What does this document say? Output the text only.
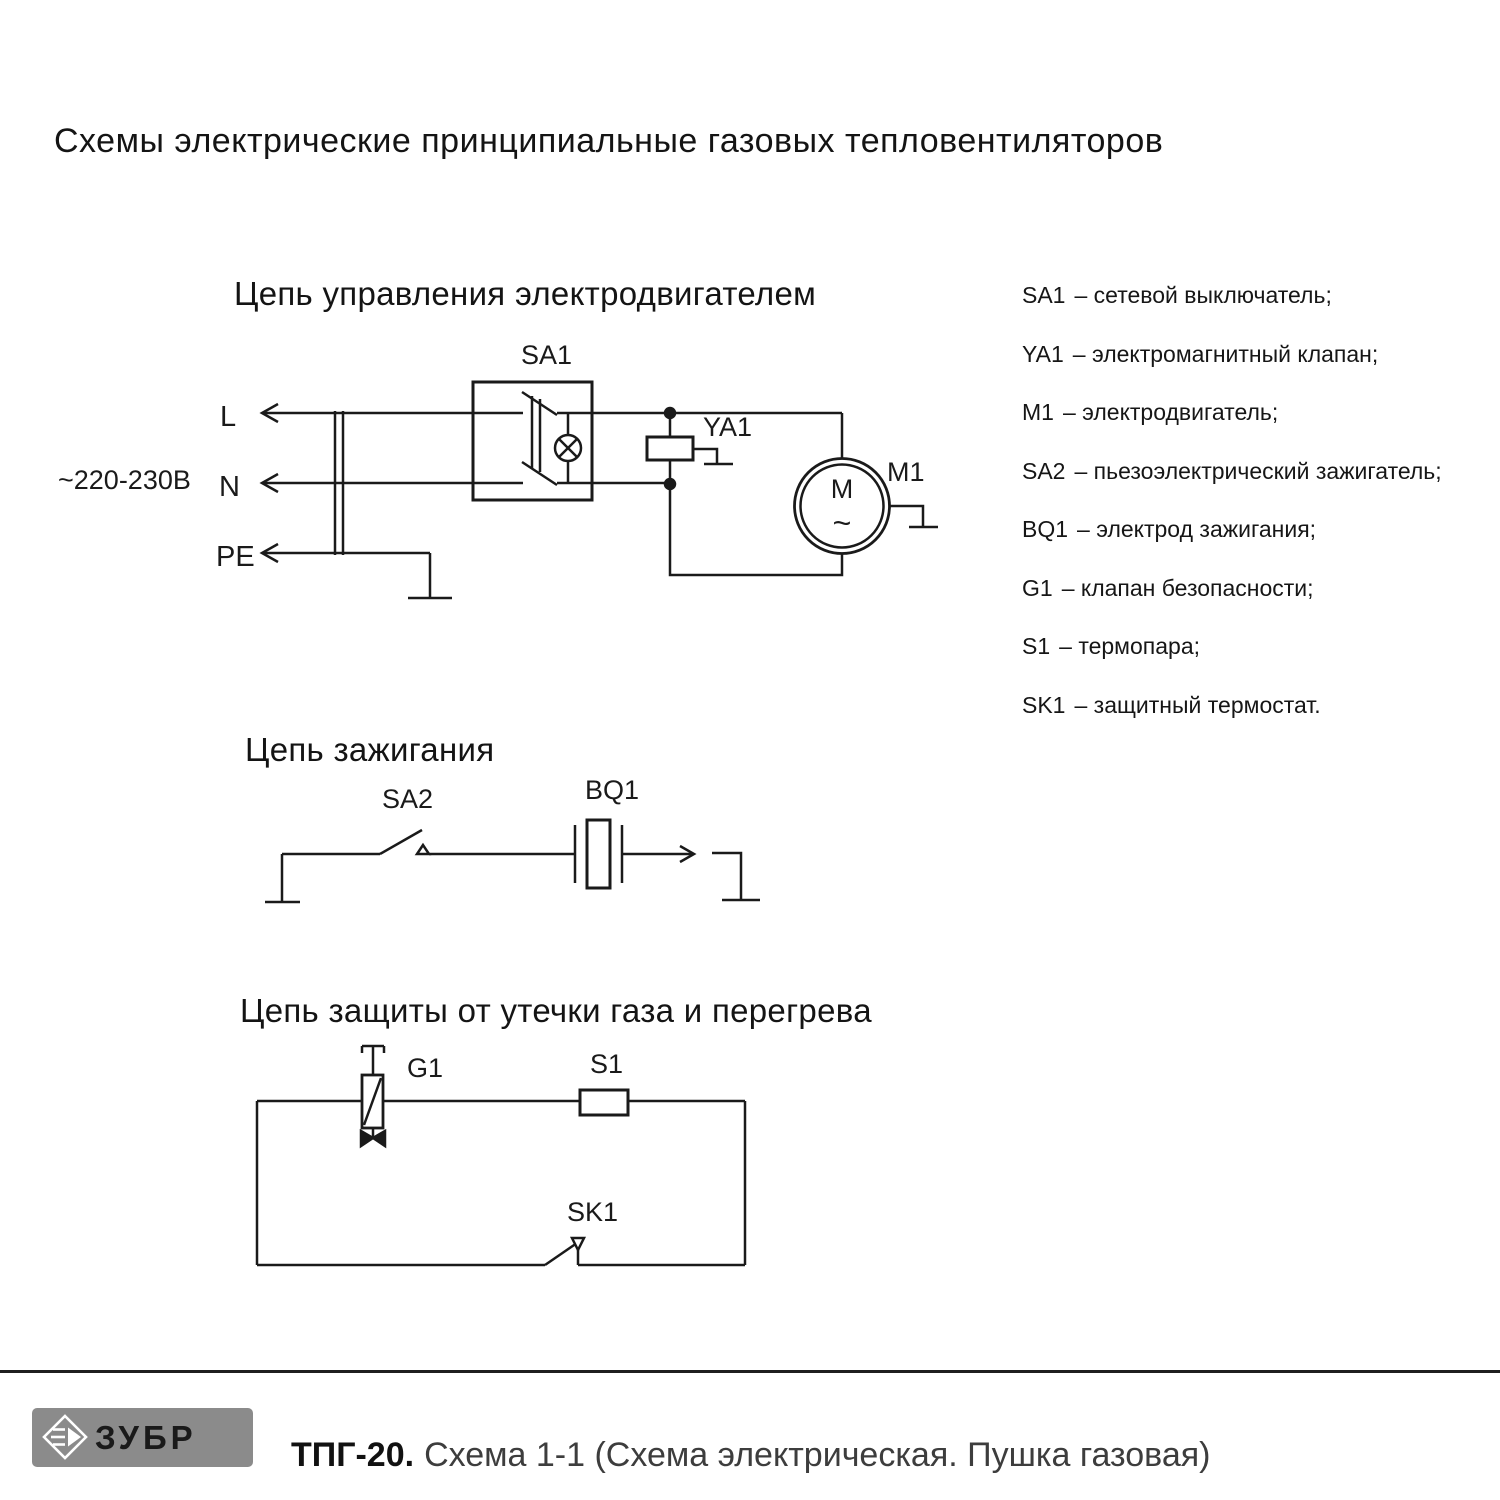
Схемы электрические принципиальные газовых тепловентиляторов
Цепь управления электродвигателем
Цепь зажигания
Цепь защиты от утечки газа и перегрева
SA1 – сетевой выключатель;
YA1 – электромагнитный клапан;
M1 – электродвигатель;
SA2 – пьезоэлектрический зажигатель;
BQ1 – электрод зажигания;
G1 – клапан безопасности;
S1 – термопара;
SK1 – защитный термостат.
~220-230В
L
N
PE
SA1
YA1
M1
M
~
SA2	BQ1
G1	S1
SK1
ЗУБР	ТПГ-20. Схема 1-1 (Схема электрическая. Пушка газовая)
